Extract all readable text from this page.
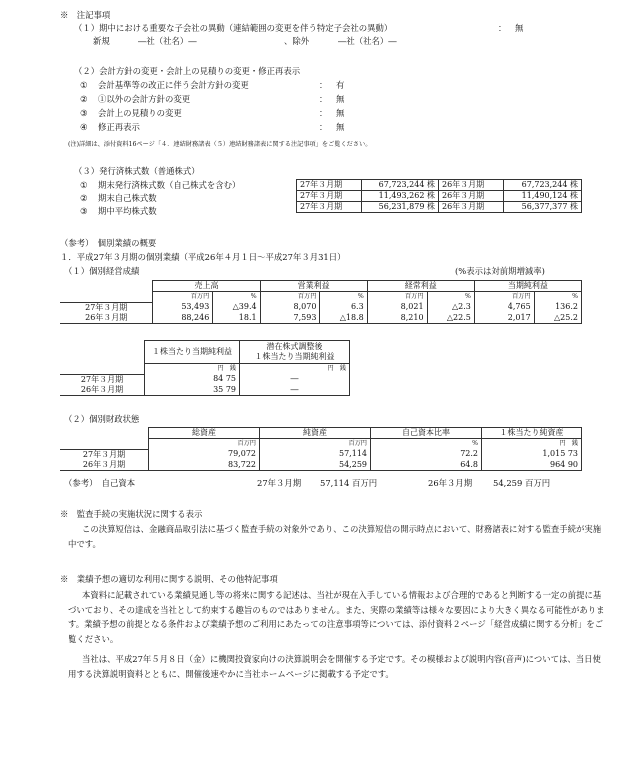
※　注記事項
（１）期中における重要な子会社の異動（連結範囲の変更を伴う特定子会社の異動）	： 無
新規	―社（社名）―	、除外	―社（社名）―
（２）会計方針の変更・会計上の見積りの変更・修正再表示
① 会計基準等の改正に伴う会計方針の変更	： 有
② ①以外の会計方針の変更	： 無
③ 会計上の見積りの変更	： 無
④ 修正再表示	： 無
(注)詳細は、添付資料16ページ「４．連結財務諸表（５）連結財務諸表に関する注記事項」をご覧ください。
（３）発行済株式数（普通株式）
① 期末発行済株式数（自己株式を含む）
② 期末自己株式数
③ 期中平均株式数
27年３月期	67,723,244 株	26年３月期	67,723,244 株
27年３月期	11,493,262 株	26年３月期	11,490,124 株
27年３月期	56,231,879 株	26年３月期	56,377,377 株
（参考）　個別業績の概要
１．平成27年３月期の個別業績（平成26年４月１日～平成27年３月31日）
（１）個別経営成績	(%表示は対前期増減率)
	売上高		営業利益		経常利益		当期純利益	
	百万円	%	百万円	%	百万円	%	百万円	%
27年３月期	53,493	△39.4	8,070	6.3	8,021	△2.3	4,765	136.2
26年３月期	88,246	18.1	7,593	△18.8	8,210	△22.5	2,017	△25.2
	１株当たり当期純利益	潜在株式調整後
１株当たり当期純利益
	円　銭	円　銭
27年３月期	84 75	―
26年３月期	35 79	―
（２）個別財政状態
	総資産	純資産	自己資本比率	１株当たり純資産
	百万円	百万円	%	円　銭
27年３月期	79,072	57,114	72.2	1,015 73
26年３月期	83,722	54,259	64.8	964 90
（参考）　自己資本	27年３月期 57,114 百万円	26年３月期 54,259 百万円
※　監査手続の実施状況に関する表示
この決算短信は、金融商品取引法に基づく監査手続の対象外であり、この決算短信の開示時点において、財務諸表に対する監査手続が実施中です。
※　業績予想の適切な利用に関する説明、その他特記事項
本資料に記載されている業績見通し等の将来に関する記述は、当社が現在入手している情報および合理的であると判断する一定の前提に基づいており、その達成を当社として約束する趣旨のものではありません。また、実際の業績等は様々な要因により大きく異なる可能性があります。業績予想の前提となる条件および業績予想のご利用にあたっての注意事項等については、添付資料２ページ「経営成績に関する分析」をご覧ください。
当社は、平成27年５月８日（金）に機関投資家向けの決算説明会を開催する予定です。その模様および説明内容(音声)については、当日使用する決算説明資料とともに、開催後速やかに当社ホームページに掲載する予定です。
